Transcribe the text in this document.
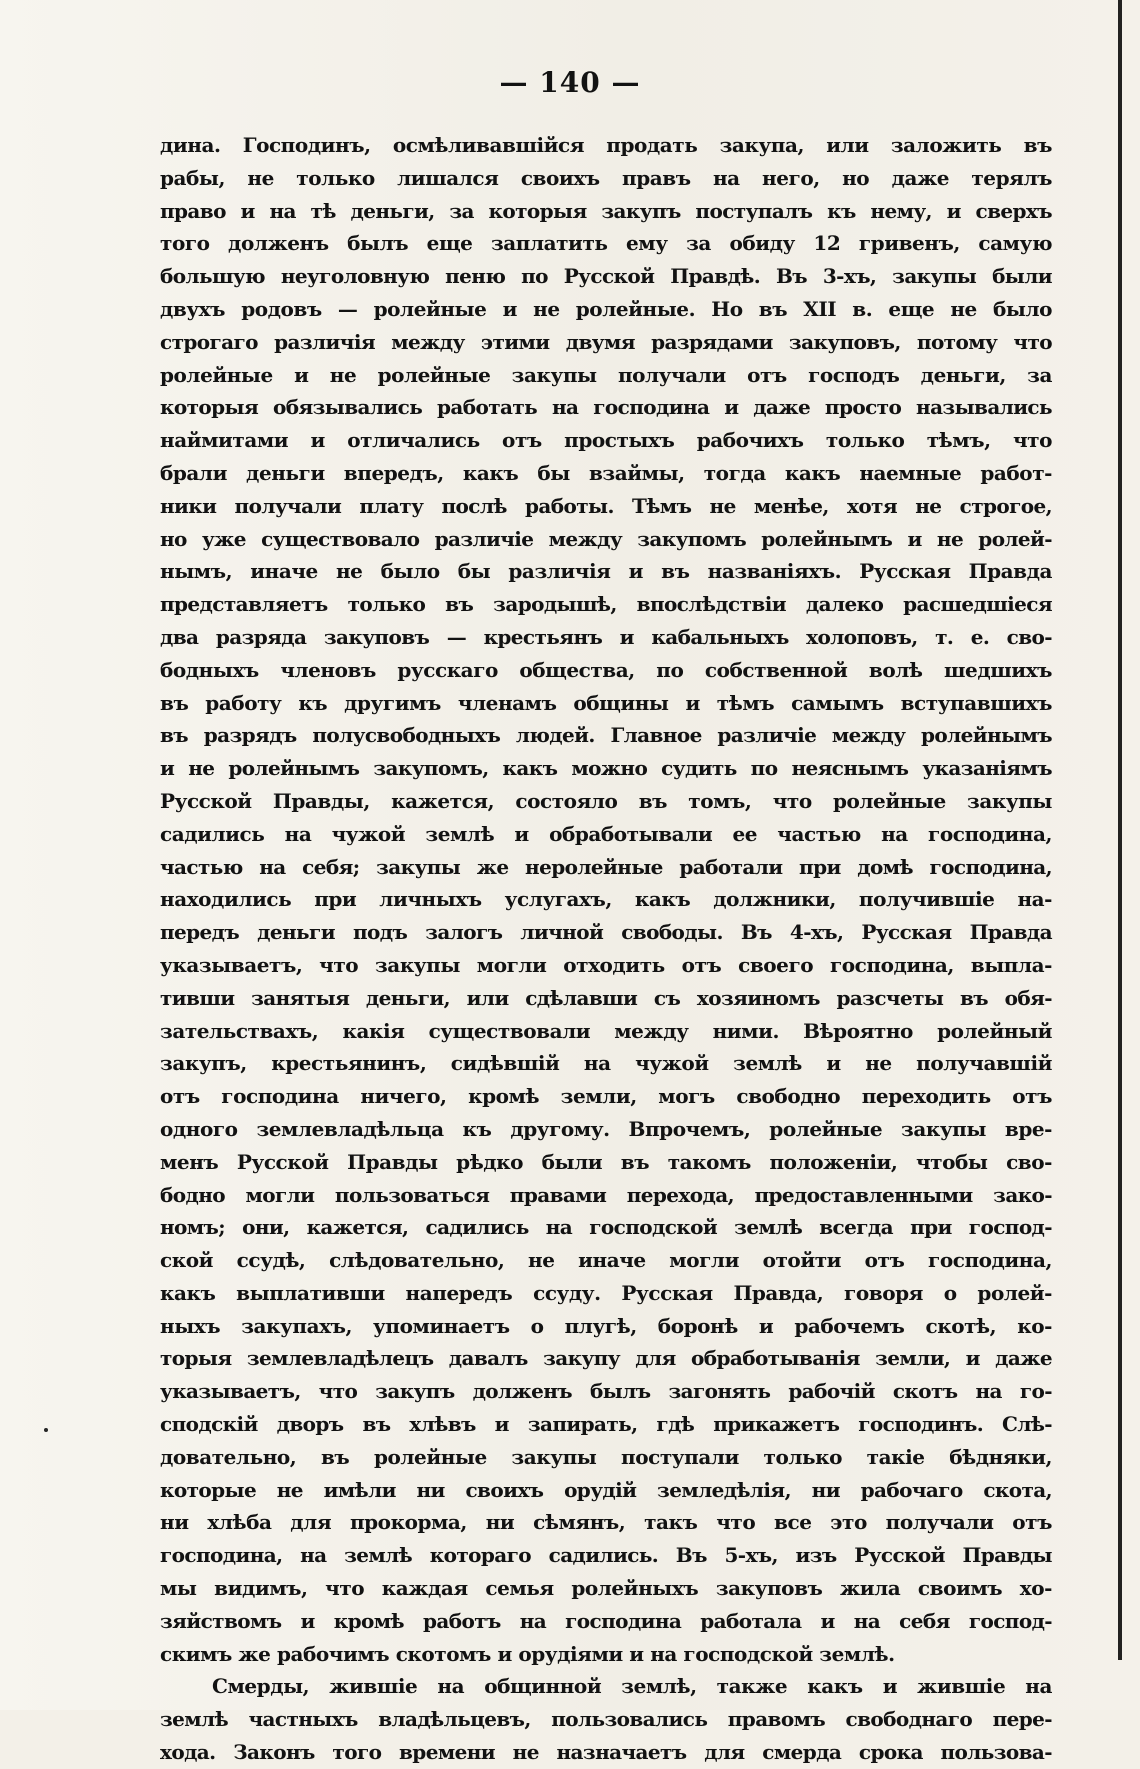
— 140 —
дина. Господинъ, осмѣливавшійся продать закупа, или заложить въ
рабы, не только лишался своихъ правъ на него, но даже терялъ
право и на тѣ деньги, за которыя закупъ поступалъ къ нему, и сверхъ
того долженъ былъ еще заплатить ему за обиду 12 гривенъ, самую
большую неуголовную пеню по Русской Правдѣ. Въ 3-хъ, закупы были
двухъ родовъ — ролейные и не ролейные. Но въ XII в. еще не было
строгаго различія между этими двумя разрядами закуповъ, потому что
ролейные и не ролейные закупы получали отъ господъ деньги, за
которыя обязывались работать на господина и даже просто назывались
наймитами и отличались отъ простыхъ рабочихъ только тѣмъ, что
брали деньги впередъ, какъ бы взаймы, тогда какъ наемные работ-
ники получали плату послѣ работы. Тѣмъ не менѣе, хотя не строгое,
но уже существовало различіе между закупомъ ролейнымъ и не ролей-
нымъ, иначе не было бы различія и въ названіяхъ. Русская Правда
представляетъ только въ зародышѣ, впослѣдствіи далеко расшедшіеся
два разряда закуповъ — крестьянъ и кабальныхъ холоповъ, т. е. сво-
бодныхъ членовъ русскаго общества, по собственной волѣ шедшихъ
въ работу къ другимъ членамъ общины и тѣмъ самымъ вступавшихъ
въ разрядъ полусвободныхъ людей. Главное различіе между ролейнымъ
и не ролейнымъ закупомъ, какъ можно судить по неяснымъ указаніямъ
Русской Правды, кажется, состояло въ томъ, что ролейные закупы
садились на чужой землѣ и обработывали ее частью на господина,
частью на себя; закупы же неролейные работали при домѣ господина,
находились при личныхъ услугахъ, какъ должники, получившіе на-
передъ деньги подъ залогъ личной свободы. Въ 4-хъ, Русская Правда
указываетъ, что закупы могли отходить отъ своего господина, выпла-
тивши занятыя деньги, или сдѣлавши съ хозяиномъ разсчеты въ обя-
зательствахъ, какія существовали между ними. Вѣроятно ролейный
закупъ, крестьянинъ, сидѣвшій на чужой землѣ и не получавшій
отъ господина ничего, кромѣ земли, могъ свободно переходить отъ
одного землевладѣльца къ другому. Впрочемъ, ролейные закупы вре-
менъ Русской Правды рѣдко были въ такомъ положеніи, чтобы сво-
бодно могли пользоваться правами перехода, предоставленными зако-
номъ; они, кажется, садились на господской землѣ всегда при господ-
ской ссудѣ, слѣдовательно, не иначе могли отойти отъ господина,
какъ выплативши напередъ ссуду. Русская Правда, говоря о ролей-
ныхъ закупахъ, упоминаетъ о плугѣ, боронѣ и рабочемъ скотѣ, ко-
торыя землевладѣлецъ давалъ закупу для обработыванія земли, и даже
указываетъ, что закупъ долженъ былъ загонять рабочій скотъ на го-
сподскій дворъ въ хлѣвъ и запирать, гдѣ прикажетъ господинъ. Слѣ-
довательно, въ ролейные закупы поступали только такіе бѣдняки,
которые не имѣли ни своихъ орудій земледѣлія, ни рабочаго скота,
ни хлѣба для прокорма, ни сѣмянъ, такъ что все это получали отъ
господина, на землѣ котораго садились. Въ 5-хъ, изъ Русской Правды
мы видимъ, что каждая семья ролейныхъ закуповъ жила своимъ хо-
зяйствомъ и кромѣ работъ на господина работала и на себя господ-
скимъ же рабочимъ скотомъ и орудіями и на господской землѣ.
Смерды, жившіе на общинной землѣ, также какъ и жившіе на
землѣ частныхъ владѣльцевъ, пользовались правомъ свободнаго пере-
хода. Законъ того времени не назначаетъ для смерда срока пользова-
